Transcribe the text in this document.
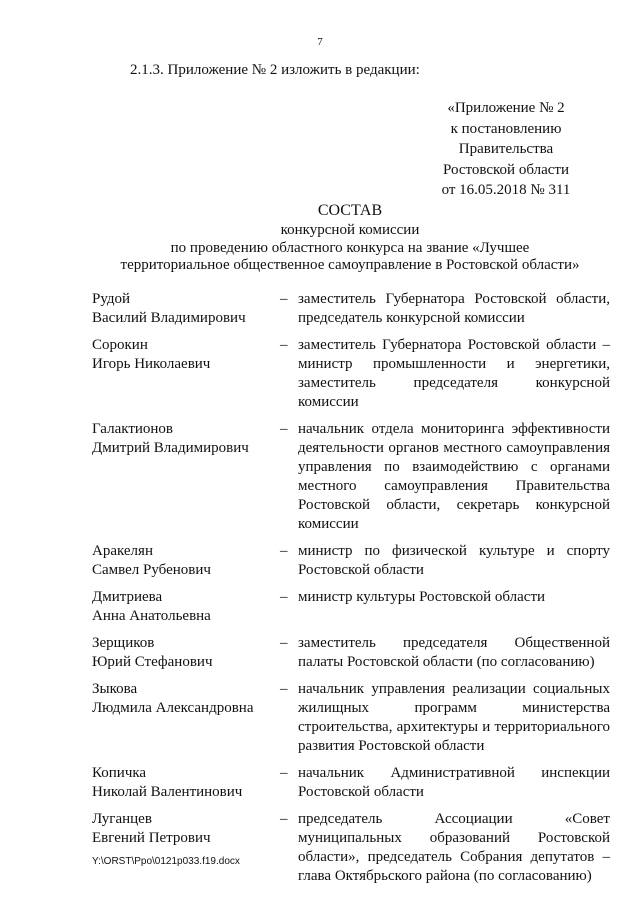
7
2.1.3. Приложение № 2 изложить в редакции:
«Приложение № 2
к постановлению
Правительства
Ростовской области
от 16.05.2018 № 311
СОСТАВ
конкурсной комиссии
по проведению областного конкурса на звание «Лучшее
территориальное общественное самоуправление в Ростовской области»
Рудой
Василий Владимирович
– заместитель Губернатора Ростовской области,
председатель конкурсной комиссии
Сорокин
Игорь Николаевич
– заместитель Губернатора Ростовской области –
министр промышленности и энергетики,
заместитель председателя конкурсной
комиссии
Галактионов
Дмитрий Владимирович
– начальник отдела мониторинга эффективности
деятельности органов местного самоуправления
управления по взаимодействию с органами
местного самоуправления Правительства
Ростовской области, секретарь конкурсной
комиссии
Аракелян
Самвел Рубенович
– министр по физической культуре и спорту
Ростовской области
Дмитриева
Анна Анатольевна
– министр культуры Ростовской области
Зерщиков
Юрий Стефанович
– заместитель председателя Общественной
палаты Ростовской области (по согласованию)
Зыкова
Людмила Александровна
– начальник управления реализации социальных
жилищных программ министерства
строительства, архитектуры и территориального
развития Ростовской области
Копичка
Николай Валентинович
– начальник Административной инспекции
Ростовской области
Луганцев
Евгений Петрович
– председатель Ассоциации «Совет
муниципальных образований Ростовской
области», председатель Собрания депутатов –
глава Октябрьского района (по согласованию)
Y:\ORST\Ppo\0121p033.f19.docx
